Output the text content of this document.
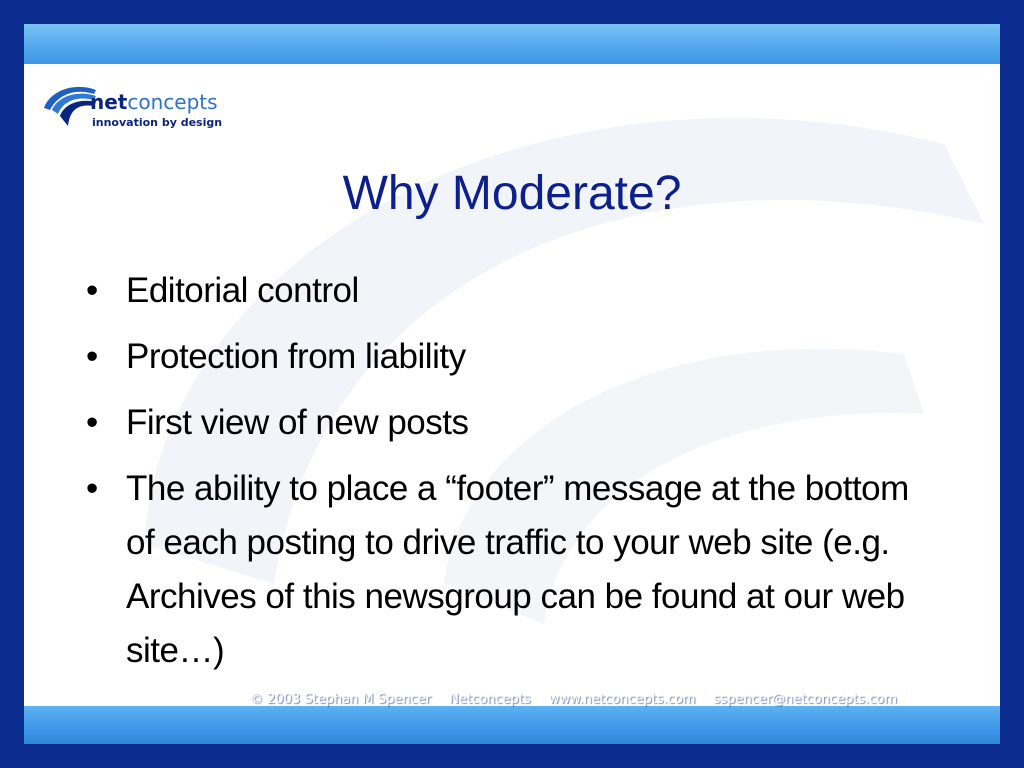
netconcepts
innovation by design
Why Moderate?
• Editorial control
• Protection from liability
• First view of new posts
• The ability to place a “footer” message at the bottom of each posting to drive traffic to your web site (e.g. Archives of this newsgroup can be found at our web site…)
© 2003 Stephan M Spencer Netconcepts www.netconcepts.com sspencer@netconcepts.com
